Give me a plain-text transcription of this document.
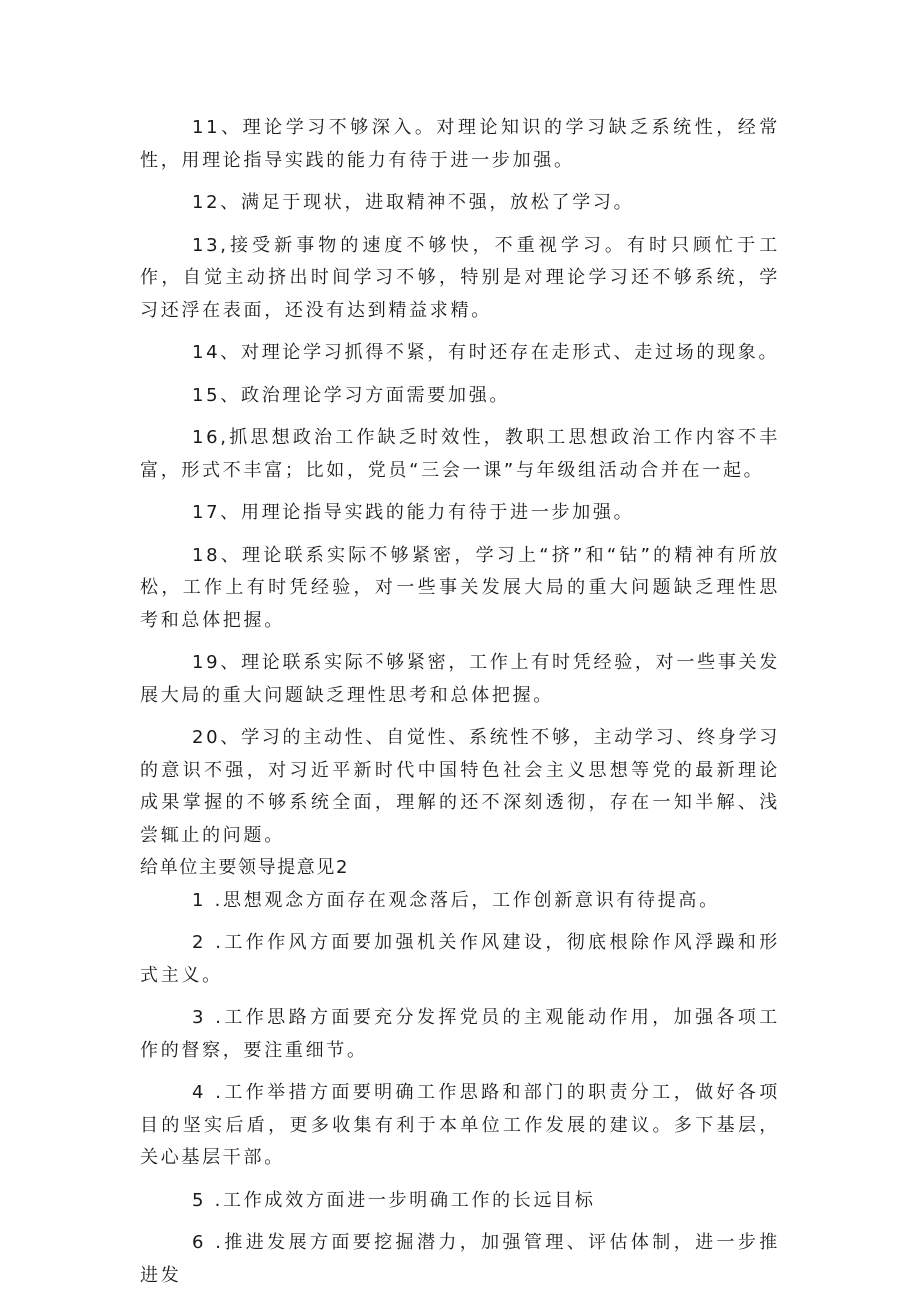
11、理论学习不够深入。对理论知识的学习缺乏系统性，经常性，用理论指导实践的能力有待于进一步加强。

12、满足于现状，进取精神不强，放松了学习。

13,接受新事物的速度不够快，不重视学习。有时只顾忙于工作，自觉主动挤出时间学习不够，特别是对理论学习还不够系统，学习还浮在表面，还没有达到精益求精。

14、对理论学习抓得不紧，有时还存在走形式、走过场的现象。

15、政治理论学习方面需要加强。

16,抓思想政治工作缺乏时效性，教职工思想政治工作内容不丰富，形式不丰富；比如，党员“三会一课”与年级组活动合并在一起。

17、用理论指导实践的能力有待于进一步加强。

18、理论联系实际不够紧密，学习上“挤”和“钻”的精神有所放松，工作上有时凭经验，对一些事关发展大局的重大问题缺乏理性思考和总体把握。

19、理论联系实际不够紧密，工作上有时凭经验，对一些事关发展大局的重大问题缺乏理性思考和总体把握。

20、学习的主动性、自觉性、系统性不够，主动学习、终身学习的意识不强，对习近平新时代中国特色社会主义思想等党的最新理论成果掌握的不够系统全面，理解的还不深刻透彻，存在一知半解、浅尝辄止的问题。

给单位主要领导提意见2

1 .思想观念方面存在观念落后，工作创新意识有待提高。

2 .工作作风方面要加强机关作风建设，彻底根除作风浮躁和形式主义。

3 .工作思路方面要充分发挥党员的主观能动作用，加强各项工作的督察，要注重细节。

4 .工作举措方面要明确工作思路和部门的职责分工，做好各项目的坚实后盾，更多收集有利于本单位工作发展的建议。多下基层，关心基层干部。

5 .工作成效方面进一步明确工作的长远目标

6 .推进发展方面要挖掘潜力，加强管理、评估体制，进一步推进发
